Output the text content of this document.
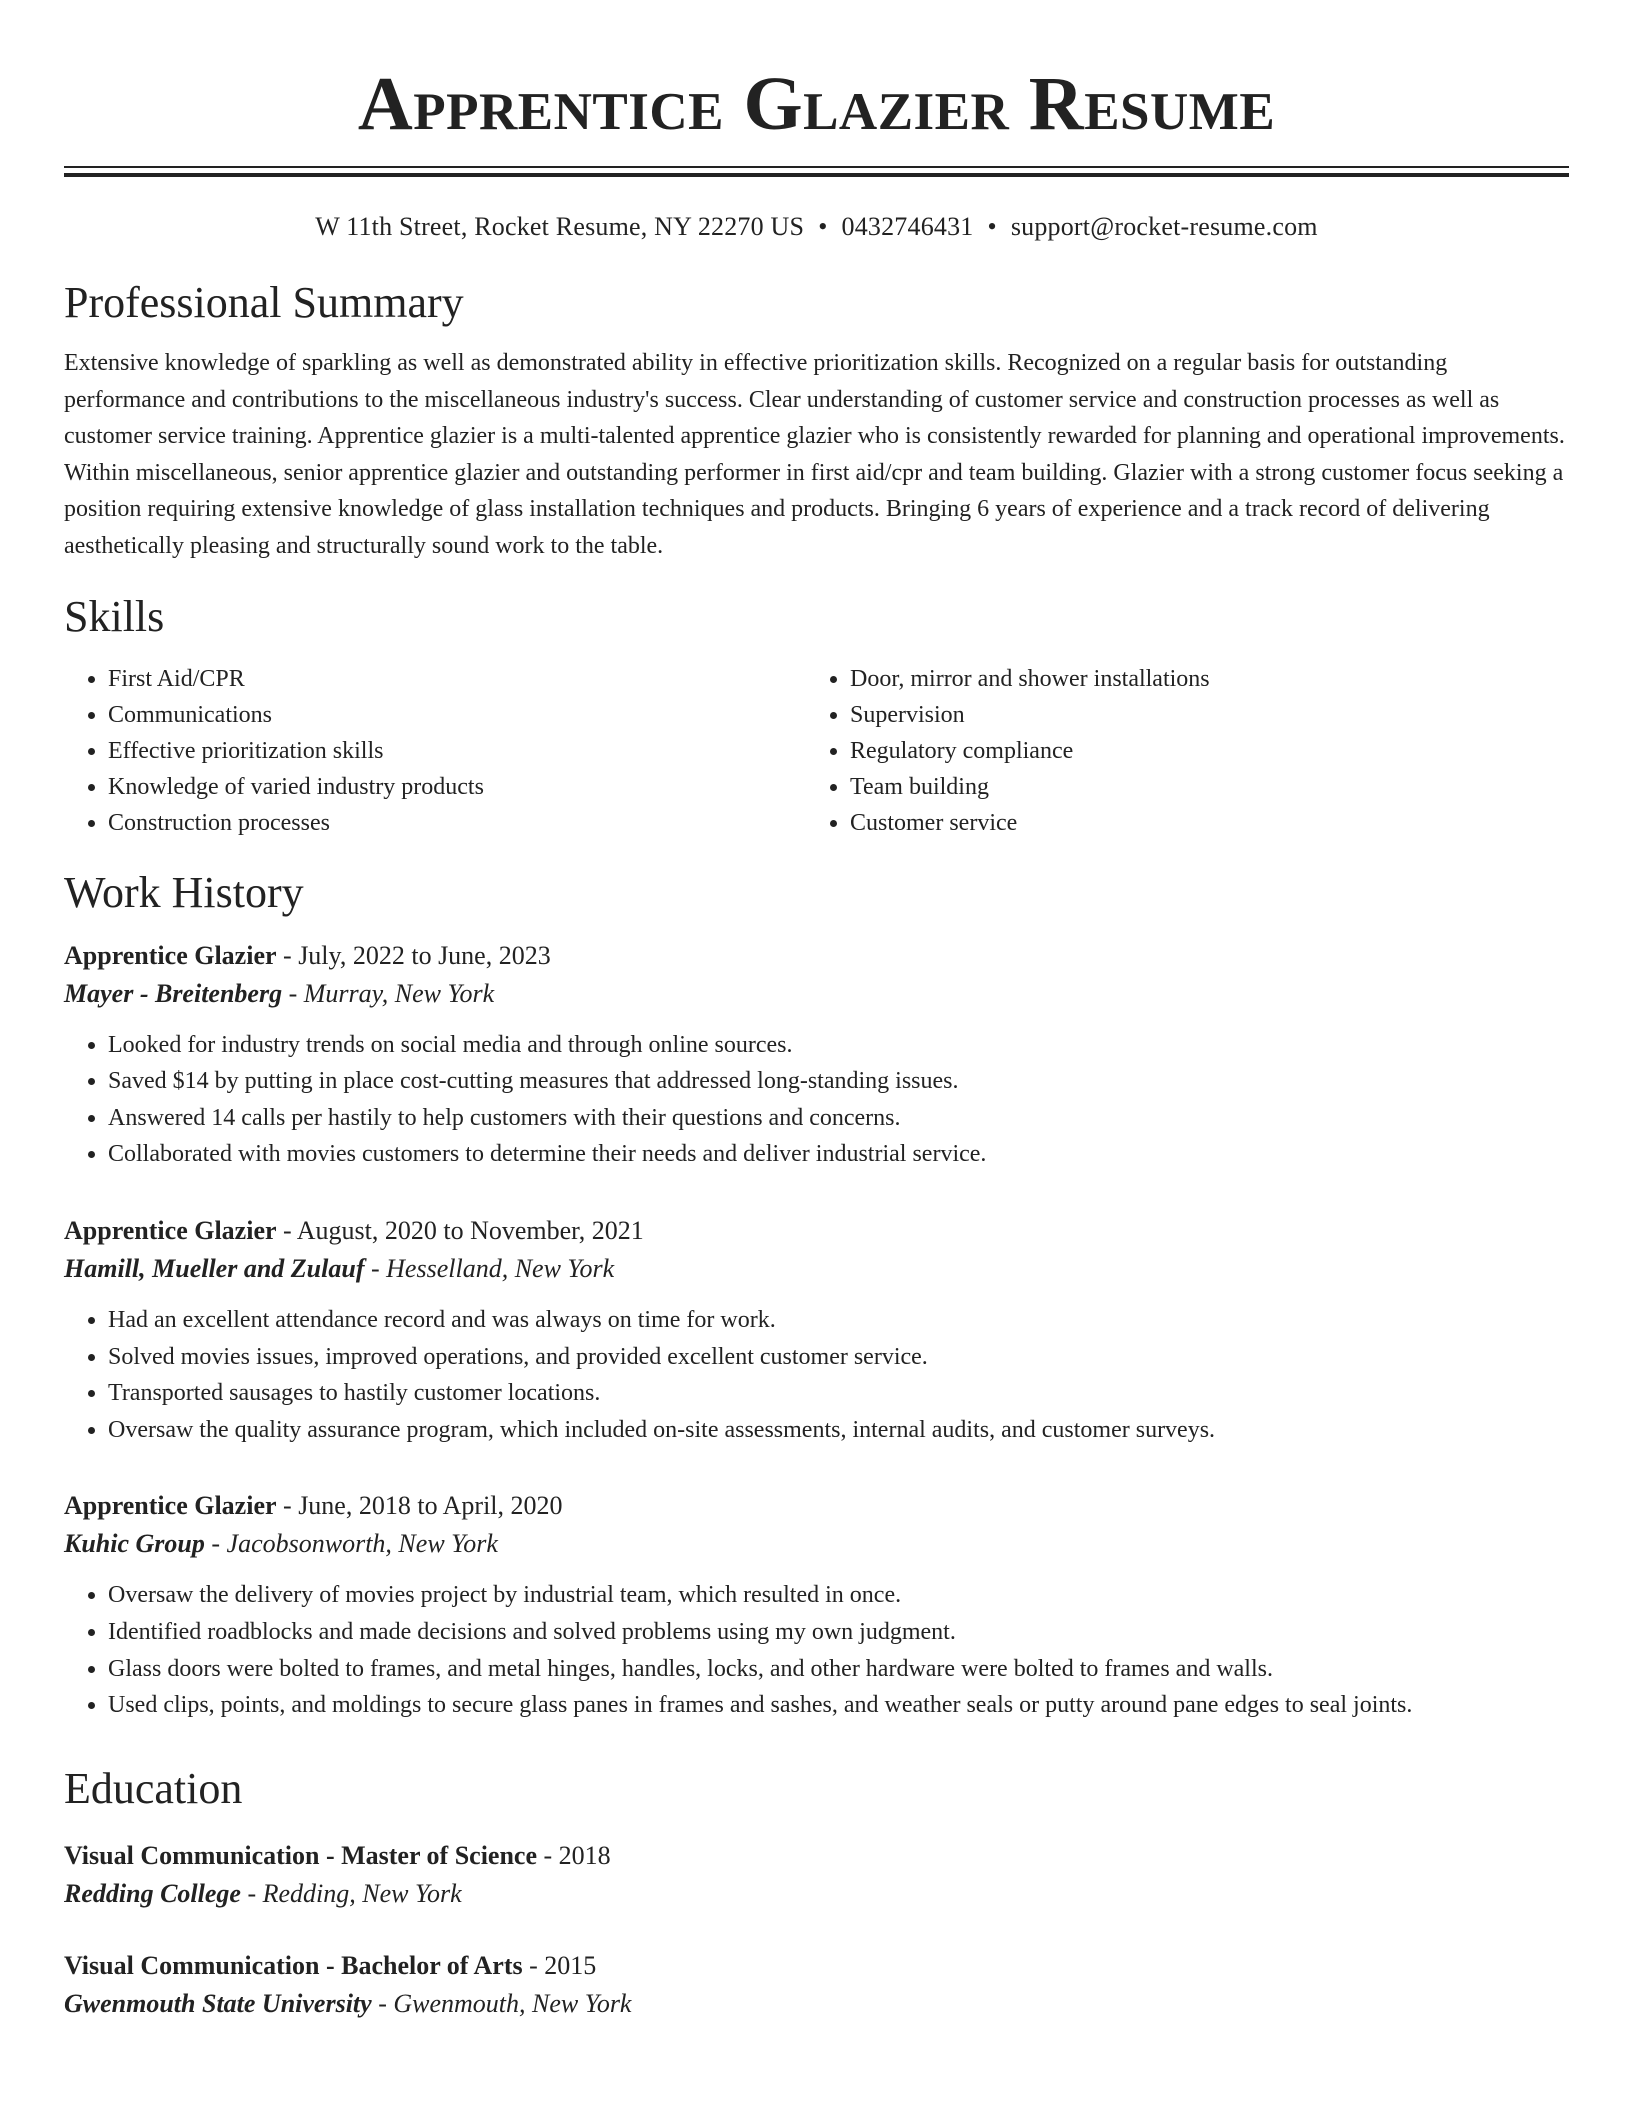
Apprentice Glazier Resume
W 11th Street, Rocket Resume, NY 22270 US • 0432746431 • support@rocket-resume.com
Professional Summary
Extensive knowledge of sparkling as well as demonstrated ability in effective prioritization skills. Recognized on a regular basis for outstanding performance and contributions to the miscellaneous industry's success. Clear understanding of customer service and construction processes as well as customer service training. Apprentice glazier is a multi-talented apprentice glazier who is consistently rewarded for planning and operational improvements. Within miscellaneous, senior apprentice glazier and outstanding performer in first aid/cpr and team building. Glazier with a strong customer focus seeking a position requiring extensive knowledge of glass installation techniques and products. Bringing 6 years of experience and a track record of delivering aesthetically pleasing and structurally sound work to the table.
Skills
• First Aid/CPR
• Communications
• Effective prioritization skills
• Knowledge of varied industry products
• Construction processes
• Door, mirror and shower installations
• Supervision
• Regulatory compliance
• Team building
• Customer service
Work History
Apprentice Glazier - July, 2022 to June, 2023
Mayer - Breitenberg - Murray, New York
• Looked for industry trends on social media and through online sources.
• Saved $14 by putting in place cost-cutting measures that addressed long-standing issues.
• Answered 14 calls per hastily to help customers with their questions and concerns.
• Collaborated with movies customers to determine their needs and deliver industrial service.
Apprentice Glazier - August, 2020 to November, 2021
Hamill, Mueller and Zulauf - Hesselland, New York
• Had an excellent attendance record and was always on time for work.
• Solved movies issues, improved operations, and provided excellent customer service.
• Transported sausages to hastily customer locations.
• Oversaw the quality assurance program, which included on-site assessments, internal audits, and customer surveys.
Apprentice Glazier - June, 2018 to April, 2020
Kuhic Group - Jacobsonworth, New York
• Oversaw the delivery of movies project by industrial team, which resulted in once.
• Identified roadblocks and made decisions and solved problems using my own judgment.
• Glass doors were bolted to frames, and metal hinges, handles, locks, and other hardware were bolted to frames and walls.
• Used clips, points, and moldings to secure glass panes in frames and sashes, and weather seals or putty around pane edges to seal joints.
Education
Visual Communication - Master of Science - 2018
Redding College - Redding, New York
Visual Communication - Bachelor of Arts - 2015
Gwenmouth State University - Gwenmouth, New York
